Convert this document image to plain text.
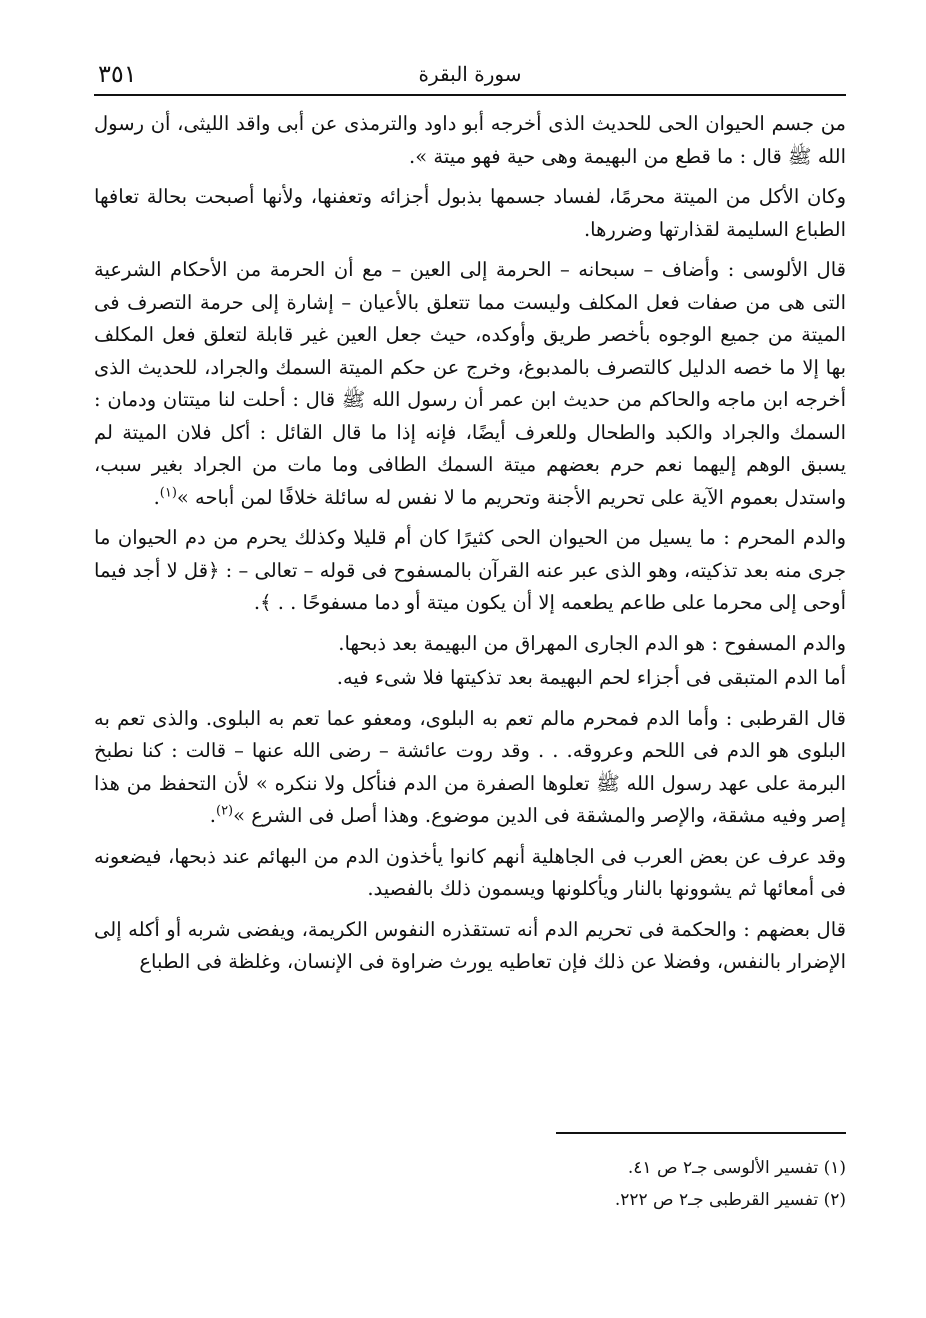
٣٥١	سورة البقرة

من جسم الحيوان الحى للحديث الذى أخرجه أبو داود والترمذى عن أبى واقد الليثى، أن رسول الله ﷺ قال : ما قطع من البهيمة وهى حية فهو ميتة ».

وكان الأكل من الميتة محرمًا، لفساد جسمها بذبول أجزائه وتعفنها، ولأنها أصبحت بحالة تعافها الطباع السليمة لقذارتها وضررها.

قال الألوسى : وأضاف – سبحانه – الحرمة إلى العين – مع أن الحرمة من الأحكام الشرعية التى هى من صفات فعل المكلف وليست مما تتعلق بالأعيان – إشارة إلى حرمة التصرف فى الميتة من جميع الوجوه بأخصر طريق وأوكده، حيث جعل العين غير قابلة لتعلق فعل المكلف بها إلا ما خصه الدليل كالتصرف بالمدبوغ، وخرج عن حكم الميتة السمك والجراد، للحديث الذى أخرجه ابن ماجه والحاكم من حديث ابن عمر أن رسول الله ﷺ قال : أحلت لنا ميتتان ودمان : السمك والجراد والكبد والطحال وللعرف أيضًا، فإنه إذا ما قال القائل : أكل فلان الميتة لم يسبق الوهم إليهما نعم حرم بعضهم ميتة السمك الطافى وما مات من الجراد بغير سبب، واستدل بعموم الآية على تحريم الأجنة وتحريم ما لا نفس له سائلة خلافًا لمن أباحه »$^{(١)}$.

والدم المحرم : ما يسيل من الحيوان الحى كثيرًا كان أم قليلا وكذلك يحرم من دم الحيوان ما جرى منه بعد تذكيته، وهو الذى عبر عنه القرآن بالمسفوح فى قوله – تعالى – : ﴿قل لا أجد فيما أوحى إلى محرما على طاعم يطعمه إلا أن يكون ميتة أو دما مسفوحًا . . ﴾.

والدم المسفوح : هو الدم الجارى المهراق من البهيمة بعد ذبحها.

أما الدم المتبقى فى أجزاء لحم البهيمة بعد تذكيتها فلا شىء فيه.

قال القرطبى : وأما الدم فمحرم مالم تعم به البلوى، ومعفو عما تعم به البلوى. والذى تعم به البلوى هو الدم فى اللحم وعروقه. . . وقد روت عائشة – رضى الله عنها – قالت : كنا نطبخ البرمة على عهد رسول الله ﷺ تعلوها الصفرة من الدم فنأكل ولا ننكره » لأن التحفظ من هذا إصر وفيه مشقة، والإصر والمشقة فى الدين موضوع. وهذا أصل فى الشرع »$^{(٢)}$.

وقد عرف عن بعض العرب فى الجاهلية أنهم كانوا يأخذون الدم من البهائم عند ذبحها، فيضعونه فى أمعائها ثم يشوونها بالنار ويأكلونها ويسمون ذلك بالفصيد.

قال بعضهم : والحكمة فى تحريم الدم أنه تستقذره النفوس الكريمة، ويفضى شربه أو أكله إلى الإضرار بالنفس، وفضلا عن ذلك فإن تعاطيه يورث ضراوة فى الإنسان، وغلظة فى الطباع

(١) تفسير الألوسى جـ٢ ص ٤١.

(٢) تفسير القرطبى جـ٢ ص ٢٢٢.
